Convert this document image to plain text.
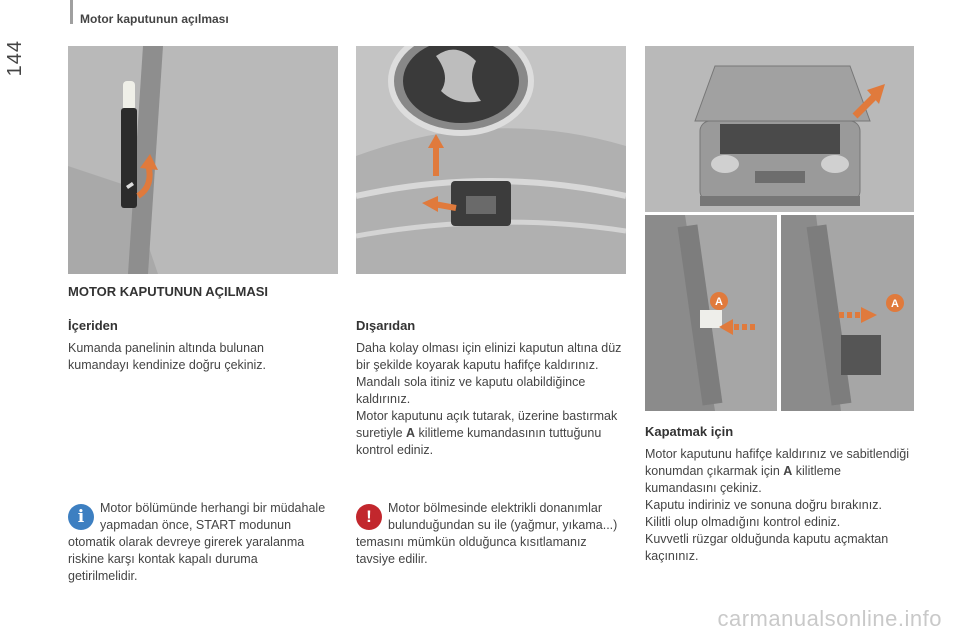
Motor kaputunun açılması
144
A	A
MOTOR KAPUTUNUN AÇILMASI
İçeriden

Kumanda panelinin altında bulunan kumandayı kendinize doğru çekiniz.

Dışarıdan

Daha kolay olması için elinizi kaputun altına düz bir şekilde koyarak kaputu hafifçe kaldırınız.

Mandalı sola itiniz ve kaputu olabildiğince kaldırınız.

Motor kaputunu açık tutarak, üzerine bastırmak suretiyle A kilitleme kumandasının tuttuğunu kontrol ediniz.

Kapatmak için

Motor kaputunu hafifçe kaldırınız ve sabitlendiği konumdan çıkarmak için A kilitleme kumandasını çekiniz.

Kaputu indiriniz ve sonuna doğru bırakınız.

Kilitli olup olmadığını kontrol ediniz.

Kuvvetli rüzgar olduğunda kaputu açmaktan kaçınınız.

i	Motor bölümünde herhangi bir müdahale yapmadan önce, START modunun otomatik olarak devreye girerek yaralanma riskine karşı kontak kapalı duruma getirilmelidir.
!	Motor bölmesinde elektrikli donanımlar bulunduğundan su ile (yağmur, yıkama...) temasını mümkün olduğunca kısıtlamanız tavsiye edilir.
carmanualsonline.info
